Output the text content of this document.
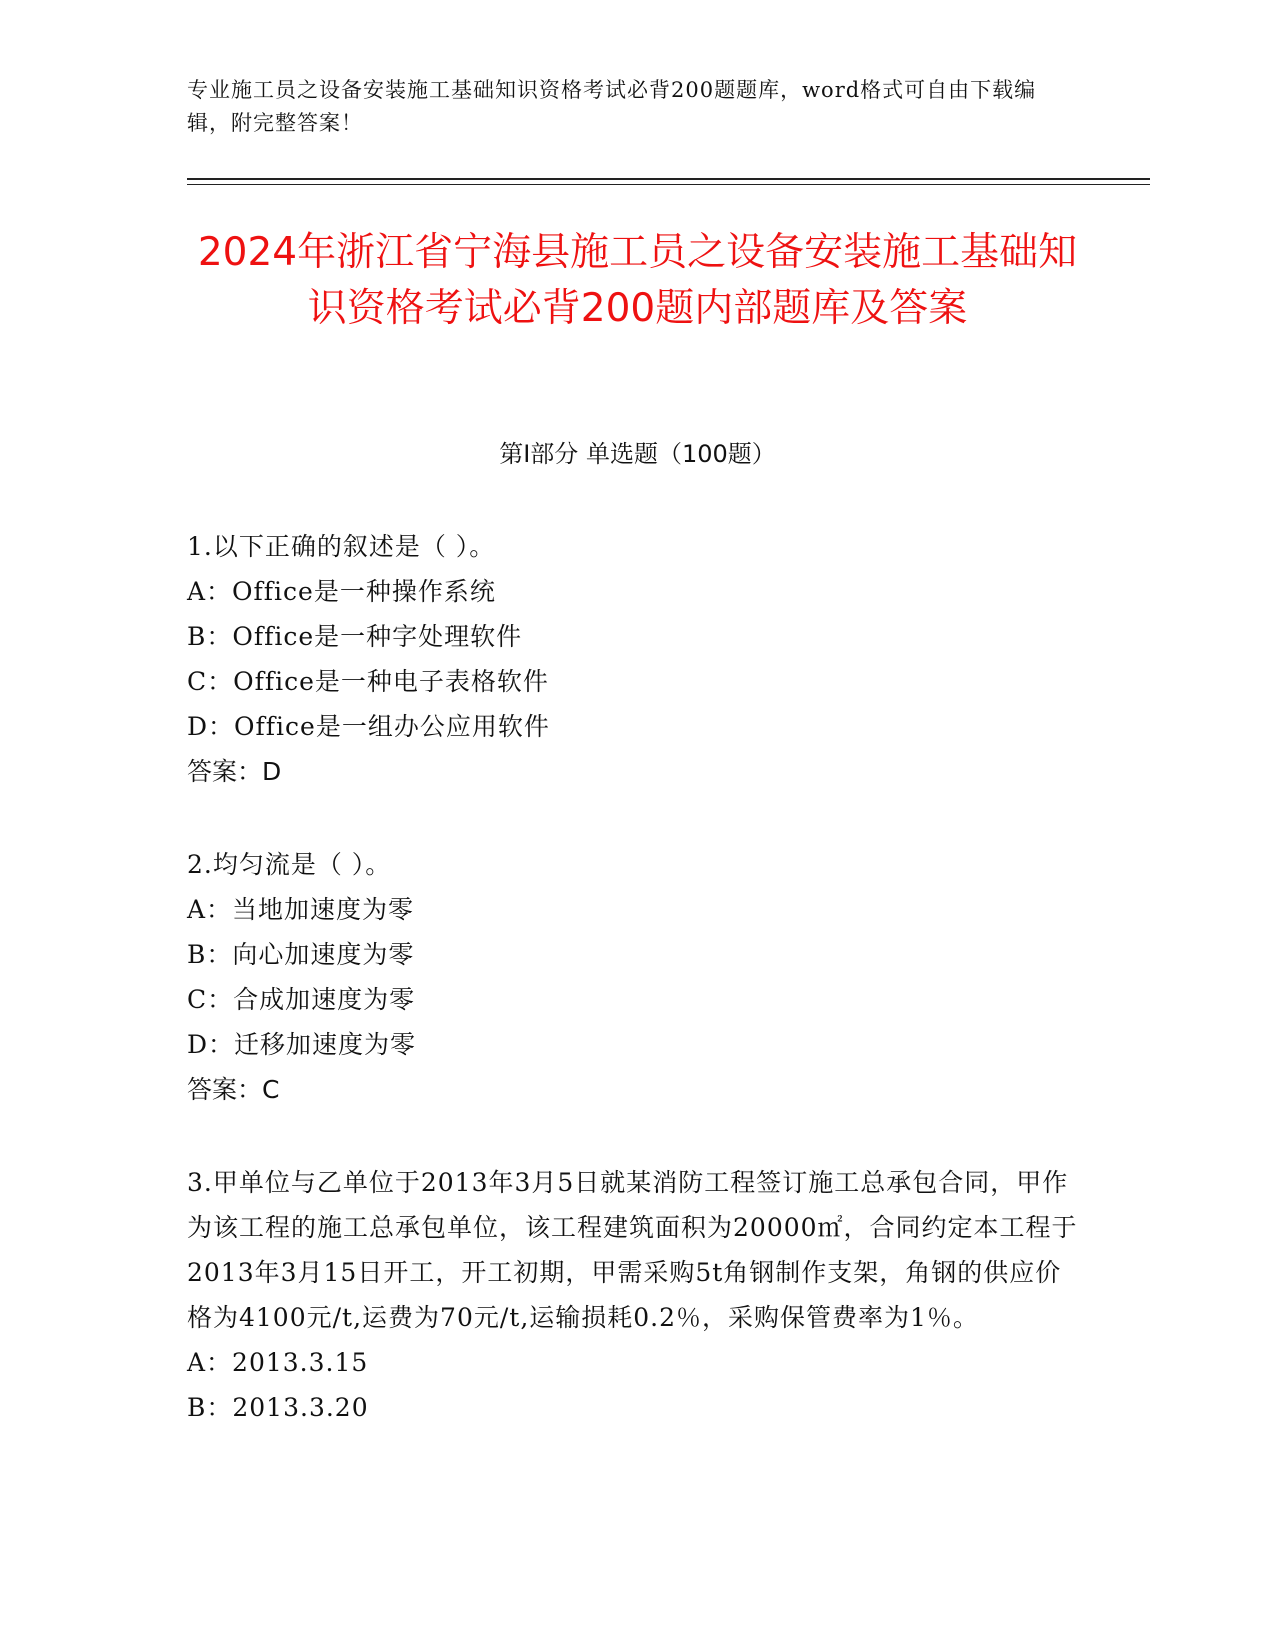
专业施工员之设备安装施工基础知识资格考试必背200题题库，word格式可自由下载编辑，附完整答案！
2024年浙江省宁海县施工员之设备安装施工基础知识资格考试必背200题内部题库及答案
第Ⅰ部分 单选题（100题）

1.以下正确的叙述是（ ）。

A：Office是一种操作系统

B：Office是一种字处理软件

C：Office是一种电子表格软件

D：Office是一组办公应用软件

答案：D

2.均匀流是（ ）。

A：当地加速度为零

B：向心加速度为零

C：合成加速度为零

D：迁移加速度为零

答案：C

3.甲单位与乙单位于2013年3月5日就某消防工程签订施工总承包合同，甲作为该工程的施工总承包单位，该工程建筑面积为20000㎡，合同约定本工程于2013年3月15日开工，开工初期，甲需采购5t角钢制作支架，角钢的供应价格为4100元/t,运费为70元/t,运输损耗0.2％，采购保管费率为1％。

A：2013.3.15

B：2013.3.20
